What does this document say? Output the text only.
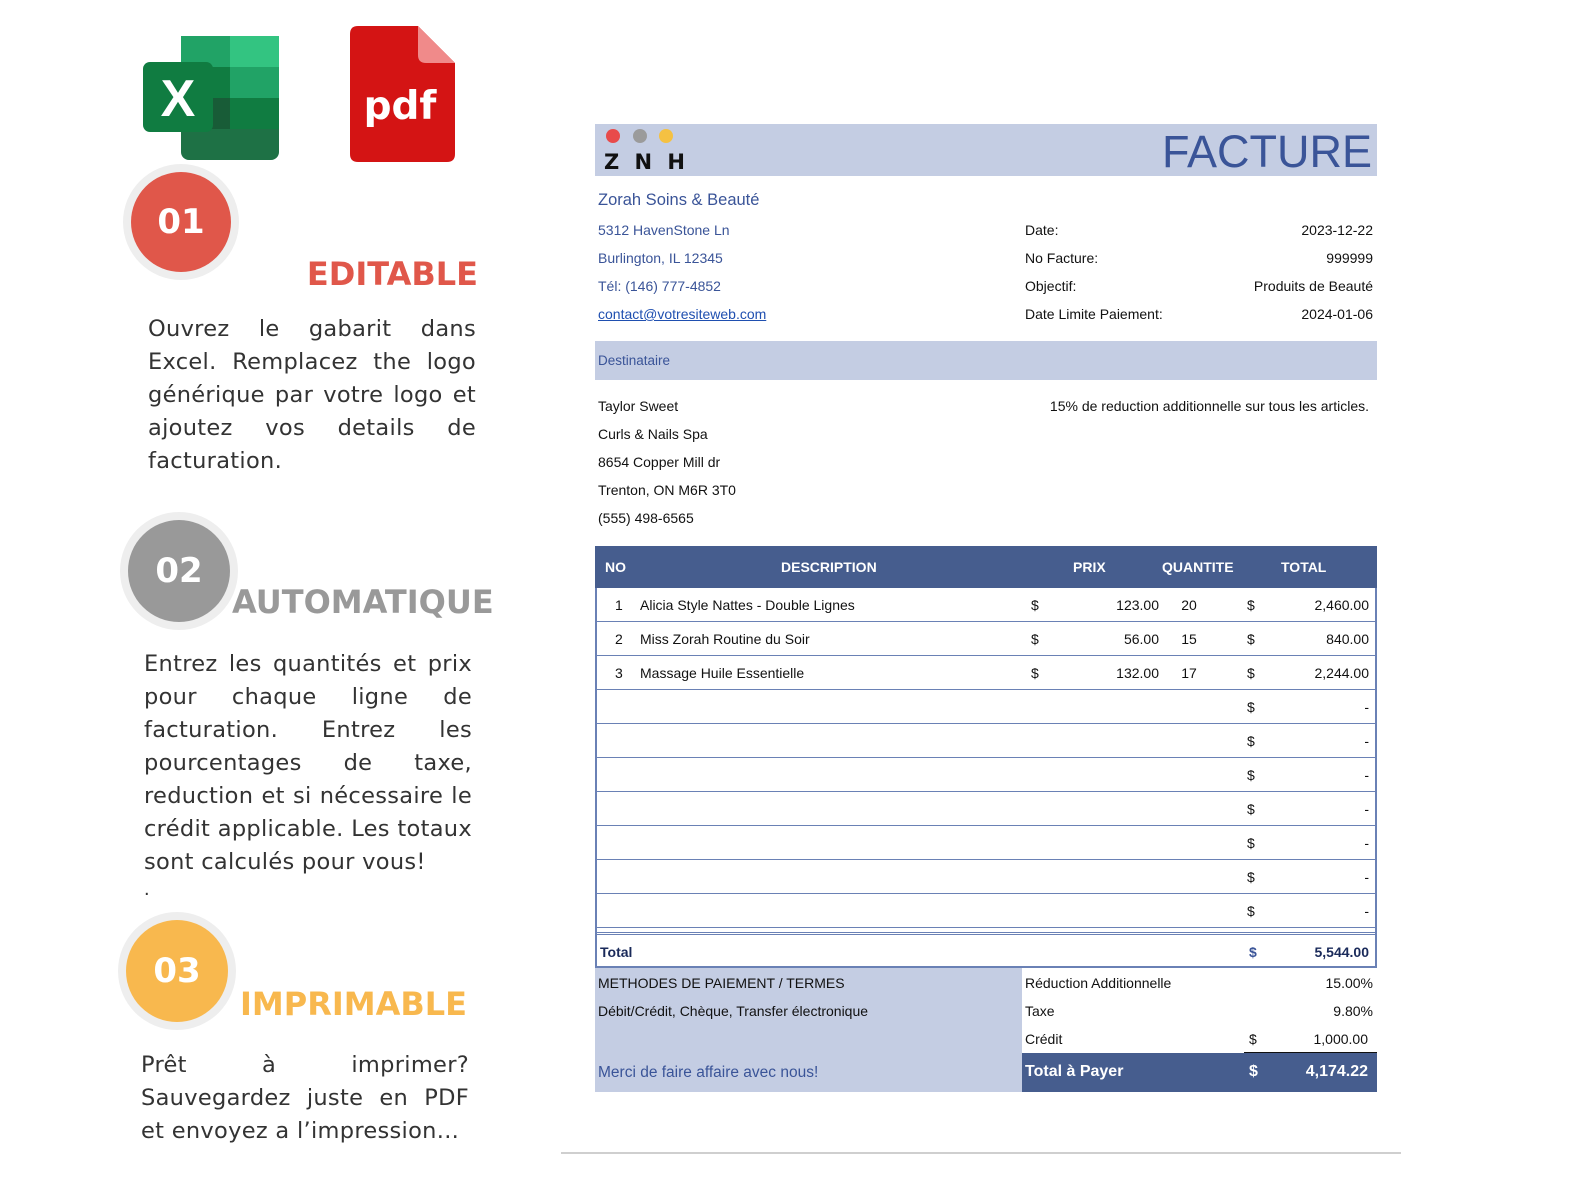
X	pdf
01
EDITABLE
Ouvrez le gabarit dans Excel. Remplacez the logo générique par votre logo et ajoutez vos details de facturation.
02
AUTOMATIQUE
Entrez les quantités et prix pour chaque ligne de facturation. Entrez les pourcentages de taxe, reduction et si nécessaire le crédit applicable. Les totaux sont calculés pour vous!
.
03
IMPRIMABLE
Prêt à imprimer? Sauvegardez juste en PDF et envoyez a l’impression...
Z N H	FACTURE
Zorah Soins & Beauté
5312 HavenStone Ln
Burlington, IL 12345
Tél: (146) 777-4852
contact@votresiteweb.com
Date:	2023-12-22
No Facture:	999999
Objectif:	Produits de Beauté
Date Limite Paiement:	2024-01-06
Destinataire
Taylor Sweet
Curls & Nails Spa
8654 Copper Mill dr
Trenton, ON M6R 3T0
(555) 498-6565
15% de reduction additionnelle sur tous les articles.
NO	DESCRIPTION	PRIX	QUANTITE	TOTAL
1 Alicia Style Nattes - Double Lignes	$	123.00	20	$	2,460.00
2 Miss Zorah Routine du Soir	$	56.00	15	$	840.00
3 Massage Huile Essentielle	$	132.00	17	$	2,244.00
$	-
$	-
$	-
$	-
$	-
$	-
$	-
Total	$	5,544.00
METHODES DE PAIEMENT / TERMES
Débit/Crédit, Chèque, Transfer électronique
Merci de faire affaire avec nous!
Réduction Additionnelle	15.00%
Taxe	9.80%
Crédit	$	1,000.00
Total à Payer	$	4,174.22
